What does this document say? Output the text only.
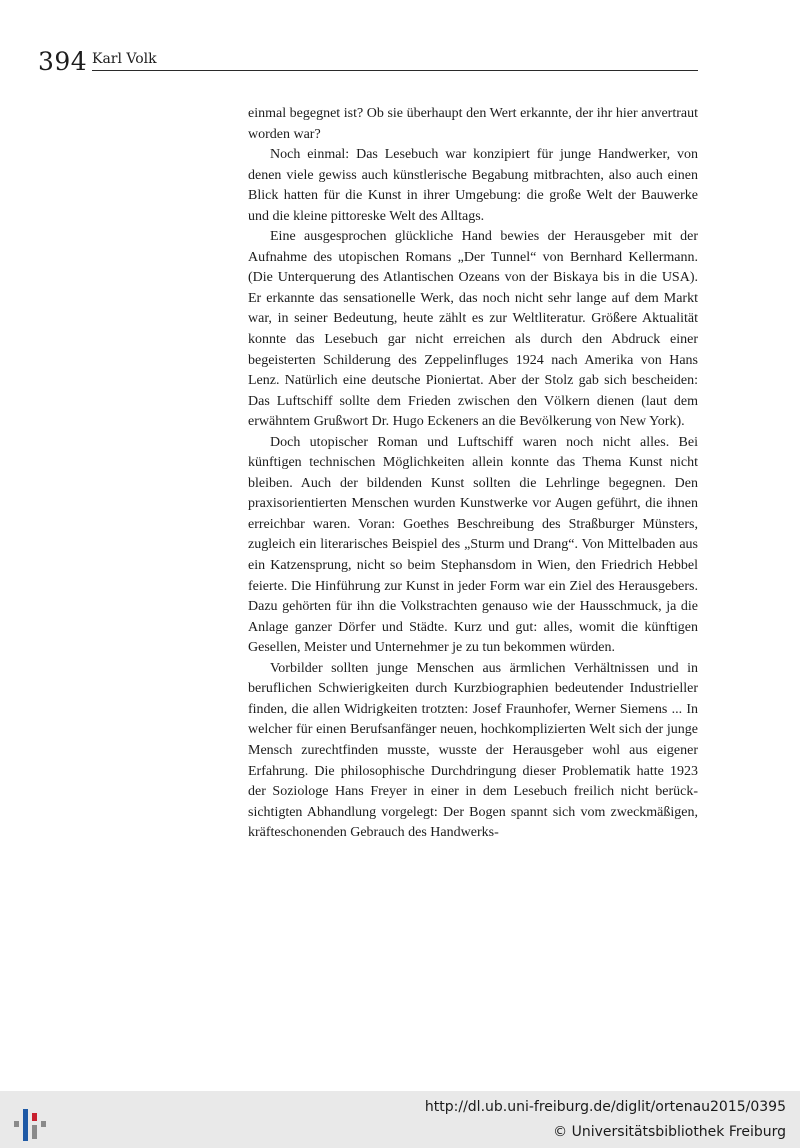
394 Karl Volk

einmal begegnet ist? Ob sie überhaupt den Wert erkannte, der ihr hier anvertraut worden war?

Noch einmal: Das Lesebuch war konzipiert für junge Handwerker, von denen viele gewiss auch künstlerische Begabung mitbrachten, also auch einen Blick hatten für die Kunst in ihrer Umgebung: die große Welt der Bauwerke und die kleine pittoreske Welt des Alltags.

Eine ausgesprochen glückliche Hand bewies der Herausgeber mit der Aufnahme des utopischen Romans „Der Tunnel“ von Bernhard Kellermann. (Die Unterquerung des Atlantischen Ozeans von der Biskaya bis in die USA). Er erkannte das sensationelle Werk, das noch nicht sehr lange auf dem Markt war, in seiner Bedeutung, heute zählt es zur Weltliteratur. Größere Aktualität konnte das Lesebuch gar nicht erreichen als durch den Abdruck einer begeisterten Schilderung des Zeppelinfluges 1924 nach Amerika von Hans Lenz. Natürlich eine deutsche Pioniertat. Aber der Stolz gab sich bescheiden: Das Luftschiff sollte dem Frieden zwischen den Völkern dienen (laut dem erwähntem Grußwort Dr. Hugo Eckeners an die Bevölkerung von New York).

Doch utopischer Roman und Luftschiff waren noch nicht alles. Bei künftigen technischen Möglichkeiten allein konnte das Thema Kunst nicht bleiben. Auch der bildenden Kunst sollten die Lehrlinge begegnen. Den praxisorientierten Menschen wurden Kunstwerke vor Augen geführt, die ihnen erreichbar waren. Voran: Goethes Beschreibung des Straßburger Münsters, zugleich ein literarisches Beispiel des „Sturm und Drang“. Von Mittelbaden aus ein Katzensprung, nicht so beim Stephansdom in Wien, den Friedrich Hebbel feierte. Die Hinführung zur Kunst in jeder Form war ein Ziel des Herausgebers. Dazu gehörten für ihn die Volkstrachten genauso wie der Hausschmuck, ja die Anlage ganzer Dörfer und Städte. Kurz und gut: alles, womit die künftigen Gesellen, Meister und Unternehmer je zu tun bekommen würden.

Vorbilder sollten junge Menschen aus ärmlichen Verhältnissen und in beruflichen Schwierigkeiten durch Kurzbiographien bedeutender Industrieller finden, die allen Widrigkeiten trotzten: Josef Fraunhofer, Werner Siemens ... In welcher für einen Berufsanfänger neuen, hochkomplizierten Welt sich der junge Mensch zurechtfinden musste, wusste der Herausgeber wohl aus eigener Erfahrung. Die philosophische Durchdringung dieser Problematik hatte 1923 der Soziologe Hans Freyer in einer in dem Lesebuch freilich nicht berücksichtigten Abhandlung vorgelegt: Der Bogen spannt sich vom zweckmäßigen, kräfteschonenden Gebrauch des Handwerks-

http://dl.ub.uni-freiburg.de/diglit/ortenau2015/0395
© Universitätsbibliothek Freiburg
